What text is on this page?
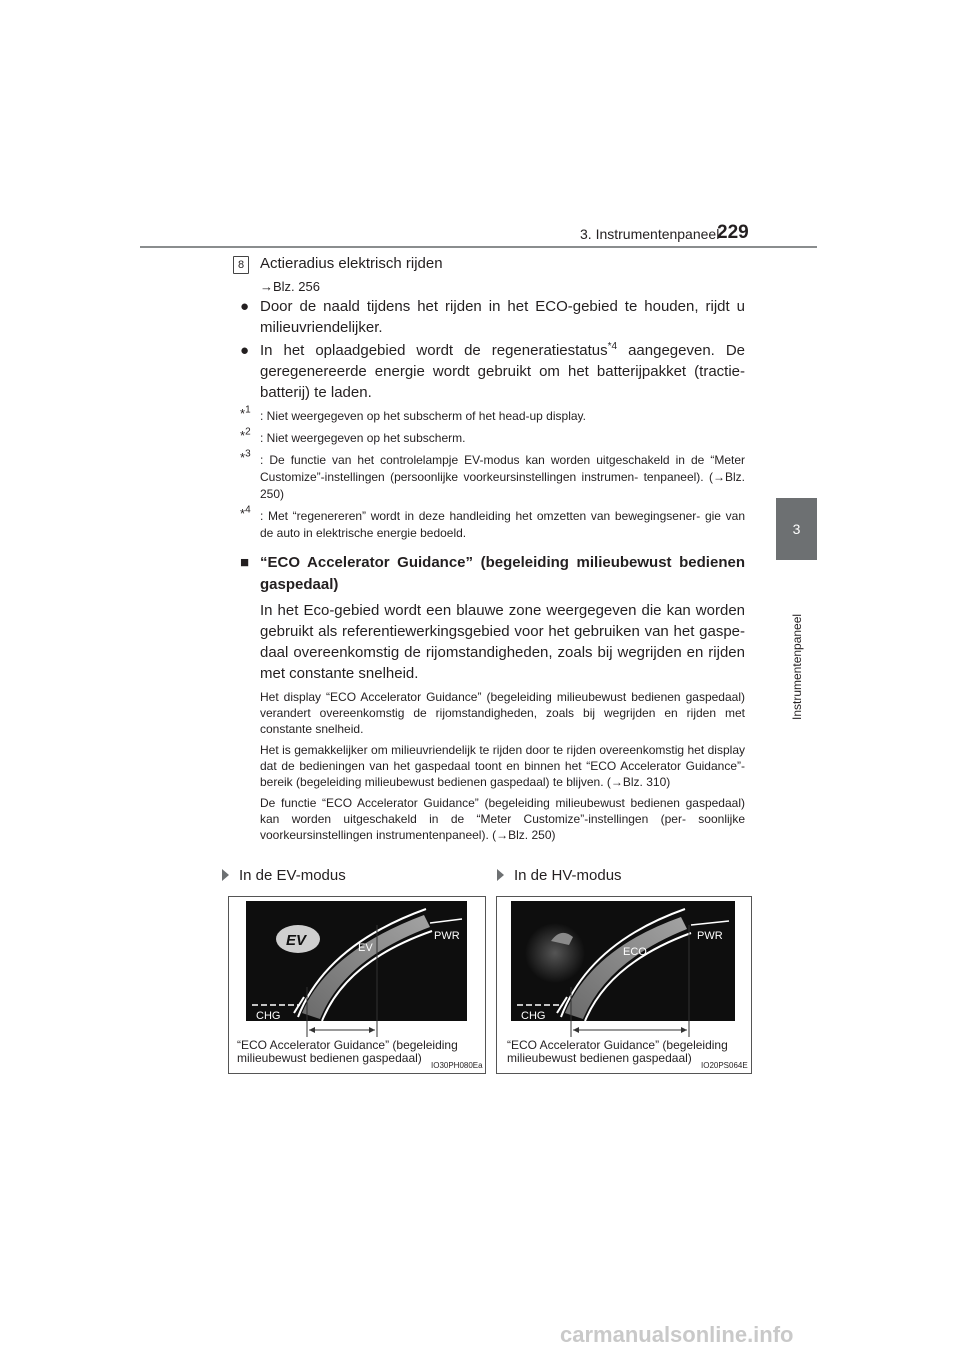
3. Instrumentenpaneel
229
3
Instrumentenpaneel
8	Actieradius elektrisch rijden
→Blz. 256
● Door de naald tijdens het rijden in het ECO-gebied te houden, rijdt u milieuvriendelijker.
● In het oplaadgebied wordt de regeneratiestatus$^{*4}$ aangegeven. De geregenereerde energie wordt gebruikt om het batterijpakket (tractie- batterij) te laden.
*$^1$ : Niet weergegeven op het subscherm of het head-up display.
*$^2$ : Niet weergegeven op het subscherm.
*$^3$ : De functie van het controlelampje EV-modus kan worden uitgeschakeld in de “Meter Customize”-instellingen (persoonlijke voorkeursinstellingen instrumen- tenpaneel). (→Blz. 250)
*$^4$ : Met “regenereren” wordt in deze handleiding het omzetten van bewegingsener- gie van de auto in elektrische energie bedoeld.
■ “ECO Accelerator Guidance” (begeleiding milieubewust bedienen gaspedaal)
In het Eco-gebied wordt een blauwe zone weergegeven die kan worden gebruikt als referentiewerkingsgebied voor het gebruiken van het gaspe- daal overeenkomstig de rijomstandigheden, zoals bij wegrijden en rijden met constante snelheid.
Het display “ECO Accelerator Guidance” (begeleiding milieubewust bedienen gaspedaal) verandert overeenkomstig de rijomstandigheden, zoals bij wegrijden en rijden met constante snelheid.
Het is gemakkelijker om milieuvriendelijk te rijden door te rijden overeenkomstig het display dat de bedieningen van het gaspedaal toont en binnen het “ECO Accelerator Guidance”-bereik (begeleiding milieubewust bedienen gaspedaal) te blijven. (→Blz. 310)
De functie “ECO Accelerator Guidance” (begeleiding milieubewust bedienen gaspedaal) kan worden uitgeschakeld in de “Meter Customize”-instellingen (per- soonlijke voorkeursinstellingen instrumentenpaneel). (→Blz. 250)
In de EV-modus	In de HV-modus
EV	EV
PWR
CHG
“ECO Accelerator Guidance” (begeleiding
milieubewust bedienen gaspedaal)
IO30PH080Ea
ECO
PWR
CHG
“ECO Accelerator Guidance” (begeleiding
milieubewust bedienen gaspedaal)
IO20PS064E
carmanualsonline.info
